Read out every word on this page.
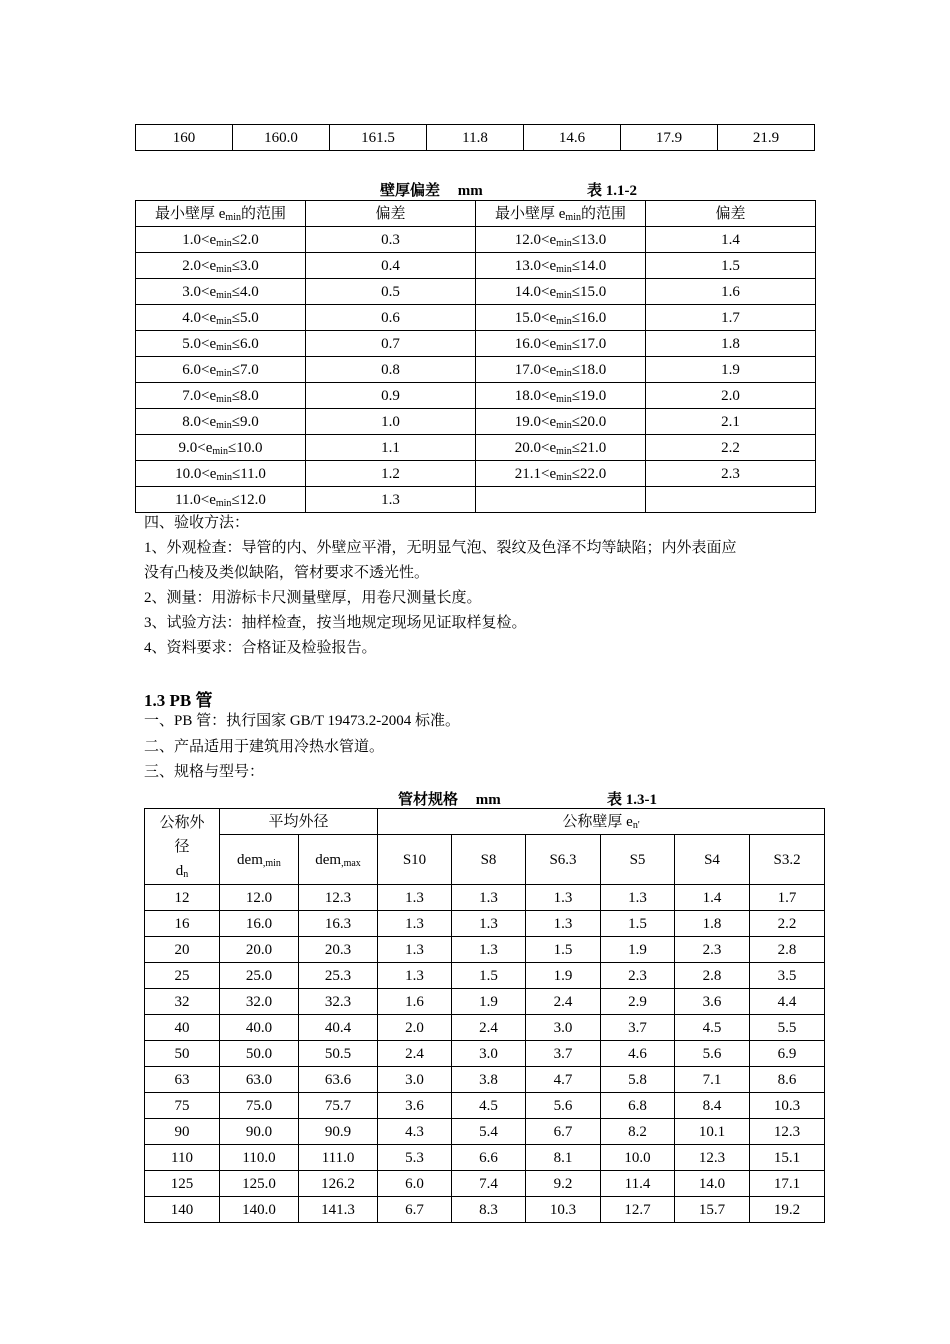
160	160.0	161.5	11.8	14.6	17.9	21.9
壁厚偏差 mm	表 1.1-2
最小壁厚 $e_{min}$的范围	偏差	最小壁厚 $e_{min}$的范围	偏差
$1.0<e_{min}\le 2.0$	0.3	$12.0<e_{min}\le 13.0$	1.4
$2.0<e_{min}\le 3.0$	0.4	$13.0<e_{min}\le 14.0$	1.5
$3.0<e_{min}\le 4.0$	0.5	$14.0<e_{min}\le 15.0$	1.6
$4.0<e_{min}\le 5.0$	0.6	$15.0<e_{min}\le 16.0$	1.7
$5.0<e_{min}\le 6.0$	0.7	$16.0<e_{min}\le 17.0$	1.8
$6.0<e_{min}\le 7.0$	0.8	$17.0<e_{min}\le 18.0$	1.9
$7.0<e_{min}\le 8.0$	0.9	$18.0<e_{min}\le 19.0$	2.0
$8.0<e_{min}\le 9.0$	1.0	$19.0<e_{min}\le 20.0$	2.1
$9.0<e_{min}\le 10.0$	1.1	$20.0<e_{min}\le 21.0$	2.2
$10.0<e_{min}\le 11.0$	1.2	$21.1<e_{min}\le 22.0$	2.3
$11.0<e_{min}\le 12.0$	1.3		
四、验收方法：
1、外观检查：导管的内、外壁应平滑，无明显气泡、裂纹及色泽不均等缺陷；内外表面应
没有凸棱及类似缺陷，管材要求不透光性。
2、测量：用游标卡尺测量壁厚，用卷尺测量长度。
3、试验方法：抽样检查，按当地规定现场见证取样复检。
4、资料要求：合格证及检验报告。
1.3 PB 管
一、PB 管：执行国家 GB/T 19473.2-2004 标准。
二、产品适用于建筑用冷热水管道。
三、规格与型号：
管材规格 mm	表 1.3-1
公称外
径
$d_n$	平均外径		公称壁厚 $e_{n'}$
	dem$_{,min}$	dem$_{,max}$	S10	S8	S6.3	S5	S4	S3.2
12	12.0	12.3	1.3	1.3	1.3	1.3	1.4	1.7
16	16.0	16.3	1.3	1.3	1.3	1.5	1.8	2.2
20	20.0	20.3	1.3	1.3	1.5	1.9	2.3	2.8
25	25.0	25.3	1.3	1.5	1.9	2.3	2.8	3.5
32	32.0	32.3	1.6	1.9	2.4	2.9	3.6	4.4
40	40.0	40.4	2.0	2.4	3.0	3.7	4.5	5.5
50	50.0	50.5	2.4	3.0	3.7	4.6	5.6	6.9
63	63.0	63.6	3.0	3.8	4.7	5.8	7.1	8.6
75	75.0	75.7	3.6	4.5	5.6	6.8	8.4	10.3
90	90.0	90.9	4.3	5.4	6.7	8.2	10.1	12.3
110	110.0	111.0	5.3	6.6	8.1	10.0	12.3	15.1
125	125.0	126.2	6.0	7.4	9.2	11.4	14.0	17.1
140	140.0	141.3	6.7	8.3	10.3	12.7	15.7	19.2
